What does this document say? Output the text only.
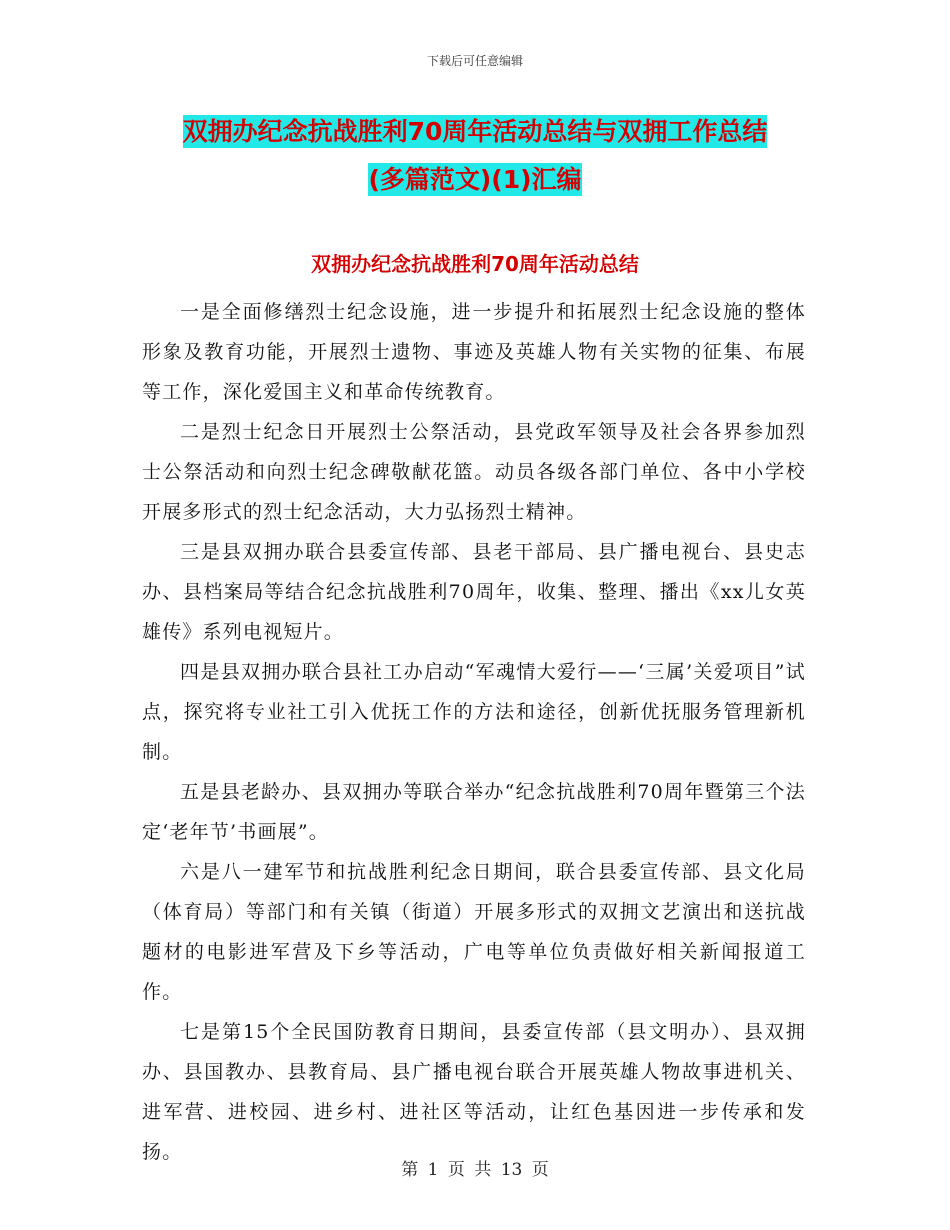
下载后可任意编辑
双拥办纪念抗战胜利70周年活动总结与双拥工作总结
(多篇范文)(1)汇编
双拥办纪念抗战胜利70周年活动总结

一是全面修缮烈士纪念设施，进一步提升和拓展烈士纪念设施的整体形象及教育功能，开展烈士遗物、事迹及英雄人物有关实物的征集、布展等工作，深化爱国主义和革命传统教育。

二是烈士纪念日开展烈士公祭活动，县党政军领导及社会各界参加烈士公祭活动和向烈士纪念碑敬献花篮。动员各级各部门单位、各中小学校开展多形式的烈士纪念活动，大力弘扬烈士精神。

三是县双拥办联合县委宣传部、县老干部局、县广播电视台、县史志办、县档案局等结合纪念抗战胜利70周年，收集、整理、播出《xx儿女英雄传》系列电视短片。

四是县双拥办联合县社工办启动“军魂情大爱行——‘三属’关爱项目”试点，探究将专业社工引入优抚工作的方法和途径，创新优抚服务管理新机制。

五是县老龄办、县双拥办等联合举办“纪念抗战胜利70周年暨第三个法定‘老年节’书画展”。

六是八一建军节和抗战胜利纪念日期间，联合县委宣传部、县文化局（体育局）等部门和有关镇（街道）开展多形式的双拥文艺演出和送抗战题材的电影进军营及下乡等活动，广电等单位负责做好相关新闻报道工作。

七是第15个全民国防教育日期间，县委宣传部（县文明办）、县双拥办、县国教办、县教育局、县广播电视台联合开展英雄人物故事进机关、进军营、进校园、进乡村、进社区等活动，让红色基因进一步传承和发扬。

第 1 页 共 13 页
